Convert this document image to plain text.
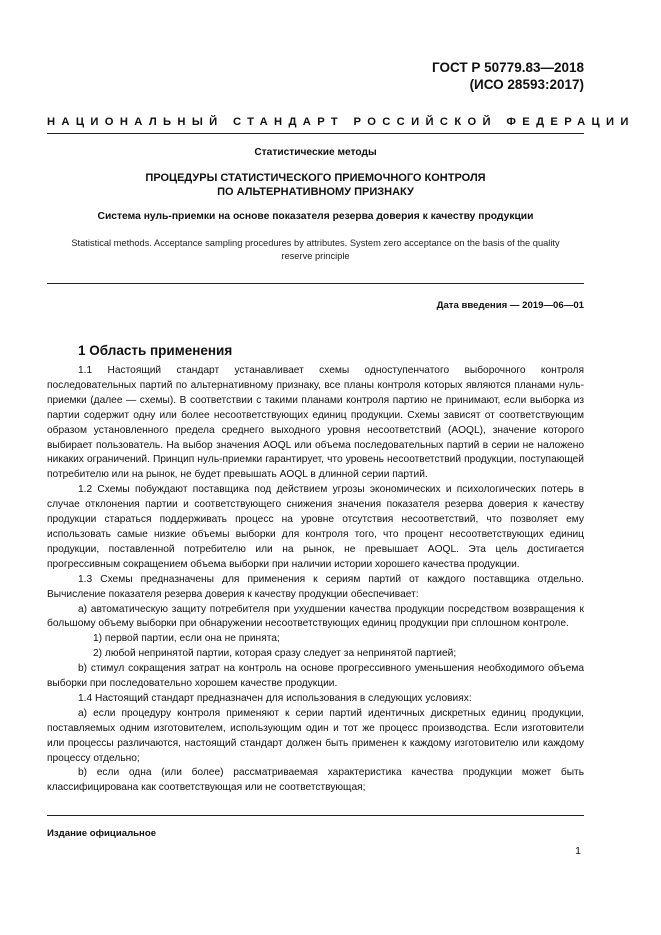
ГОСТ Р 50779.83—2018
(ИСО 28593:2017)
НАЦИОНАЛЬНЫЙ СТАНДАРТ РОССИЙСКОЙ ФЕДЕРАЦИИ
Статистические методы
ПРОЦЕДУРЫ СТАТИСТИЧЕСКОГО ПРИЕМОЧНОГО КОНТРОЛЯ
ПО АЛЬТЕРНАТИВНОМУ ПРИЗНАКУ
Система нуль-приемки на основе показателя резерва доверия к качеству продукции
Statistical methods. Acceptance sampling procedures by attributes. System zero acceptance on the basis of the quality reserve principle
Дата введения — 2019—06—01
1 Область применения

1.1 Настоящий стандарт устанавливает схемы одноступенчатого выборочного контроля последовательных партий по альтернативному признаку, все планы контроля которых являются планами нуль-приемки (далее — схемы). В соответствии с такими планами контроля партию не принимают, если выборка из партии содержит одну или более несоответствующих единиц продукции. Схемы зависят от соответствующим образом установленного предела среднего выходного уровня несоответствий (AOQL), значение которого выбирает пользователь. На выбор значения AOQL или объема последовательных партий в серии не наложено никаких ограничений. Принцип нуль-приемки гарантирует, что уровень несоответствий продукции, поступающей потребителю или на рынок, не будет превышать AOQL в длинной серии партий.

1.2 Схемы побуждают поставщика под действием угрозы экономических и психологических потерь в случае отклонения партии и соответствующего снижения значения показателя резерва доверия к качеству продукции стараться поддерживать процесс на уровне отсутствия несоответствий, что позволяет ему использовать самые низкие объемы выборки для контроля того, что процент несоответствующих единиц продукции, поставленной потребителю или на рынок, не превышает AOQL. Эта цель достигается прогрессивным сокращением объема выборки при наличии истории хорошего качества продукции.

1.3 Схемы предназначены для применения к сериям партий от каждого поставщика отдельно. Вычисление показателя резерва доверия к качеству продукции обеспечивает:

а) автоматическую защиту потребителя при ухудшении качества продукции посредством возвращения к большому объему выборки при обнаружении несоответствующих единиц продукции при сплошном контроле.

1) первой партии, если она не принята;

2) любой непринятой партии, которая сразу следует за непринятой партией;

b) стимул сокращения затрат на контроль на основе прогрессивного уменьшения необходимого объема выборки при последовательно хорошем качестве продукции.

1.4 Настоящий стандарт предназначен для использования в следующих условиях:

а) если процедуру контроля применяют к серии партий идентичных дискретных единиц продукции, поставляемых одним изготовителем, использующим один и тот же процесс производства. Если изготовители или процессы различаются, настоящий стандарт должен быть применен к каждому изготовителю или каждому процессу отдельно;

b) если одна (или более) рассматриваемая характеристика качества продукции может быть классифицирована как соответствующая или не соответствующая;

Издание официальное
1
